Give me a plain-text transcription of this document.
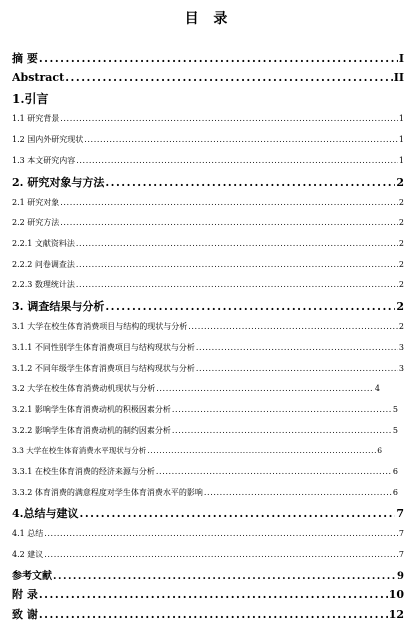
目 录
摘 要 .....	I
Abstract .....	II
1.引言
1.1 研究背景 .....	1
1.2 国内外研究现状 .....	1
1.3 本文研究内容 .....	1
2. 研究对象与方法 .....	2
2.1 研究对象 .....	2
2.2 研究方法 .....	2
2.2.1 文献资料法 .....	2
2.2.2 问卷调查法 .....	2
2.2.3 数理统计法 .....	2
3. 调查结果与分析 .....	2
3.1 大学在校生体育消费项目与结构的现状与分析 .....	2
3.1.1 不同性别学生体育消费项目与结构现状与分析 .....	3
3.1.2 不同年级学生体育消费项目与结构现状与分析 .....	3
3.2 大学在校生体育消费动机现状与分析 .....	4
3.2.1 影响学生体育消费动机的积极因素分析 .....	5
3.2.2 影响学生体育消费动机的制约因素分析 .....	5
3.3 大学在校生体育消费水平现状与分析 .....	6
3.3.1 在校生体育消费的经济来源与分析 .....	6
3.3.2 体育消费的满意程度对学生体育消费水平的影响 .....	6
4.总结与建议 .....	7
4.1 总结 .....	7
4.2 建议 .....	7
参考文献 .....	9
附 录 .....	10
致 谢 .....	12
